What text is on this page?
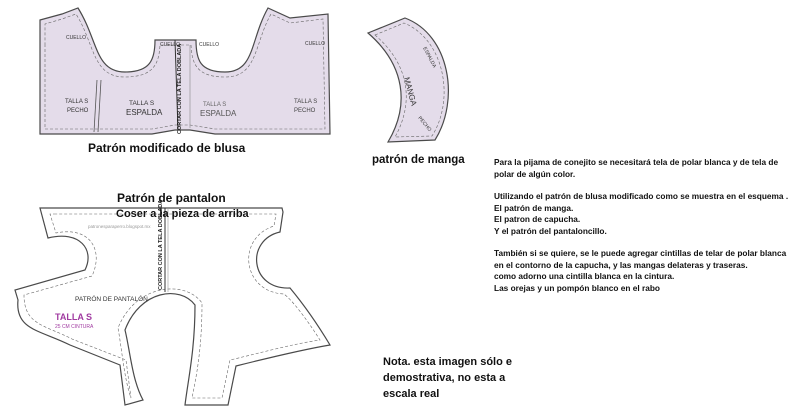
CUELLO
CUELLO	CUELLO	CUELLO
CORTAR CON LA TELA DOBLADA
TALLA S
PECHO
TALLA S
ESPALDA
TALLA S
ESPALDA
TALLA S
PECHO
ESPALDA
MANGA
PECHO
patronesparaperro.blogspot.mx CORTAR CON LA TELA DOBLADA
PATRÓN DE PANTALÓN
TALLA S
25 CM CINTURA
Patrón modificado de blusa
patrón de manga
Patrón de pantalon
Coser a la pieza de arriba
Nota. esta imagen sólo e
demostrativa, no esta a
escala real

Para la pijama de conejito se necesitará tela de polar blanca y de tela de polar de algún color.

Utilizando el patrón de blusa modificado como se muestra en el esquema .
El patrón de manga.
El patron de capucha.
Y el patrón del pantaloncillo.

También si se quiere, se le puede agregar cintillas de telar de polar blanca en el contorno de la capucha, y las mangas delateras y traseras.
como adorno una cintilla blanca en la cintura.
Las orejas y un pompón blanco en el rabo
